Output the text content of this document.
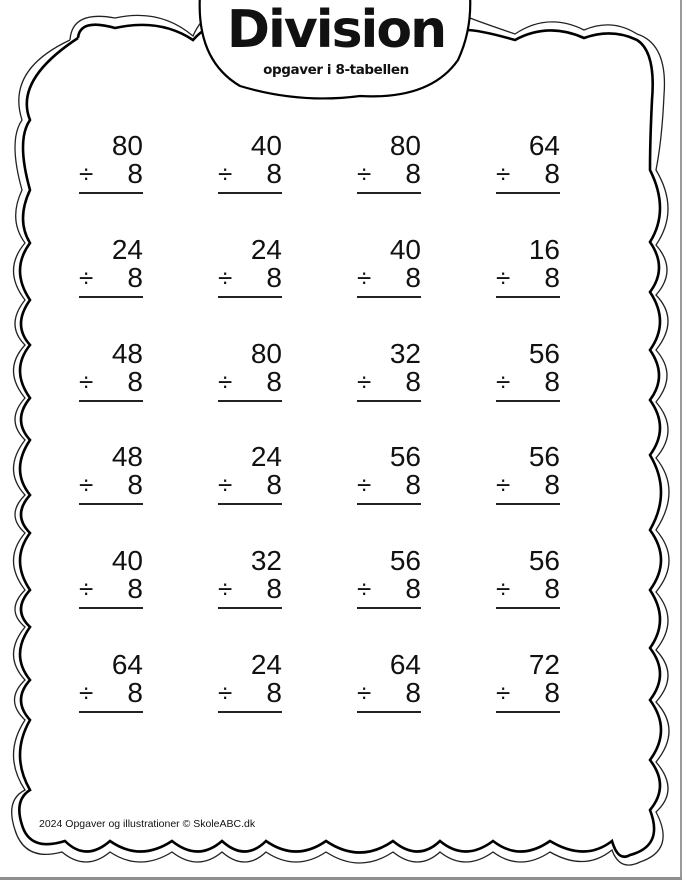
Division
opgaver i 8-tabellen
80
÷ 8
40
÷ 8
80
÷ 8
64
÷ 8
24
÷ 8
24
÷ 8
40
÷ 8
16
÷ 8
48
÷ 8
80
÷ 8
32
÷ 8
56
÷ 8
48
÷ 8
24
÷ 8
56
÷ 8
56
÷ 8
40
÷ 8
32
÷ 8
56
÷ 8
56
÷ 8
64
÷ 8
24
÷ 8
64
÷ 8
72
÷ 8
2024 Opgaver og illustrationer © SkoleABC.dk
